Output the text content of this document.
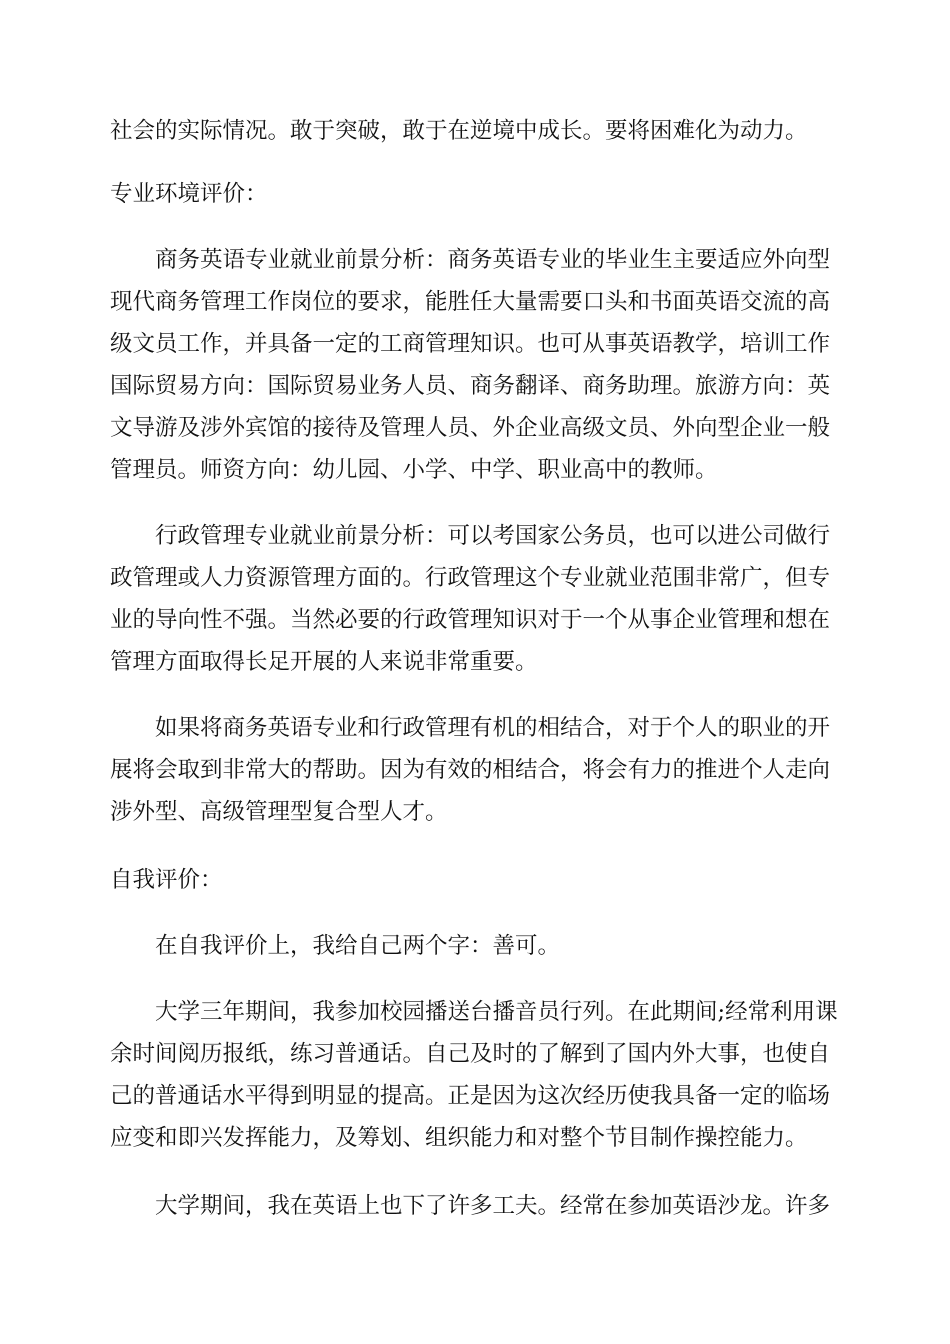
社会的实际情况。敢于突破，敢于在逆境中成长。要将困难化为动力。

专业环境评价：

商务英语专业就业前景分析：商务英语专业的毕业生主要适应外向型现代商务管理工作岗位的要求，能胜任大量需要口头和书面英语交流的高级文员工作，并具备一定的工商管理知识。也可从事英语教学，培训工作国际贸易方向：国际贸易业务人员、商务翻译、商务助理。旅游方向：英文导游及涉外宾馆的接待及管理人员、外企业高级文员、外向型企业一般管理员。师资方向：幼儿园、小学、中学、职业高中的教师。

行政管理专业就业前景分析：可以考国家公务员，也可以进公司做行政管理或人力资源管理方面的。行政管理这个专业就业范围非常广，但专业的导向性不强。当然必要的行政管理知识对于一个从事企业管理和想在管理方面取得长足开展的人来说非常重要。

如果将商务英语专业和行政管理有机的相结合，对于个人的职业的开展将会取到非常大的帮助。因为有效的相结合，将会有力的推进个人走向涉外型、高级管理型复合型人才。

自我评价：

在自我评价上，我给自己两个字：善可。

大学三年期间，我参加校园播送台播音员行列。在此期间;经常利用课余时间阅历报纸，练习普通话。自己及时的了解到了国内外大事，也使自己的普通话水平得到明显的提高。正是因为这次经历使我具备一定的临场应变和即兴发挥能力，及筹划、组织能力和对整个节目制作操控能力。

大学期间，我在英语上也下了许多工夫。经常在参加英语沙龙。许多
